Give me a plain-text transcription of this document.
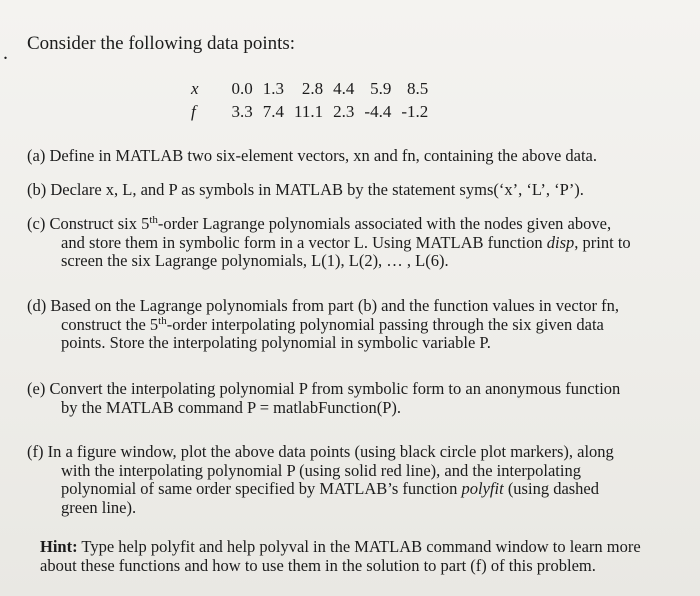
. Consider the following data points:
x	0.0	1.3	2.8	4.4	5.9	8.5
f	3.3	7.4	11.1	2.3	-4.4	-1.2
(a) Define in MATLAB two six-element vectors, xn and fn, containing the above data.
(b) Declare x, L, and P as symbols in MATLAB by the statement syms(‘x’, ‘L’, ‘P’).
(c) Construct six 5th-order Lagrange polynomials associated with the nodes given above,
and store them in symbolic form in a vector L. Using MATLAB function disp, print to
screen the six Lagrange polynomials, L(1), L(2), … , L(6).
(d) Based on the Lagrange polynomials from part (b) and the function values in vector fn,
construct the 5th-order interpolating polynomial passing through the six given data
points. Store the interpolating polynomial in symbolic variable P.
(e) Convert the interpolating polynomial P from symbolic form to an anonymous function
by the MATLAB command P = matlabFunction(P).
(f) In a figure window, plot the above data points (using black circle plot markers), along
with the interpolating polynomial P (using solid red line), and the interpolating
polynomial of same order specified by MATLAB’s function polyfit (using dashed
green line).
Hint: Type help polyfit and help polyval in the MATLAB command window to learn more
about these functions and how to use them in the solution to part (f) of this problem.
